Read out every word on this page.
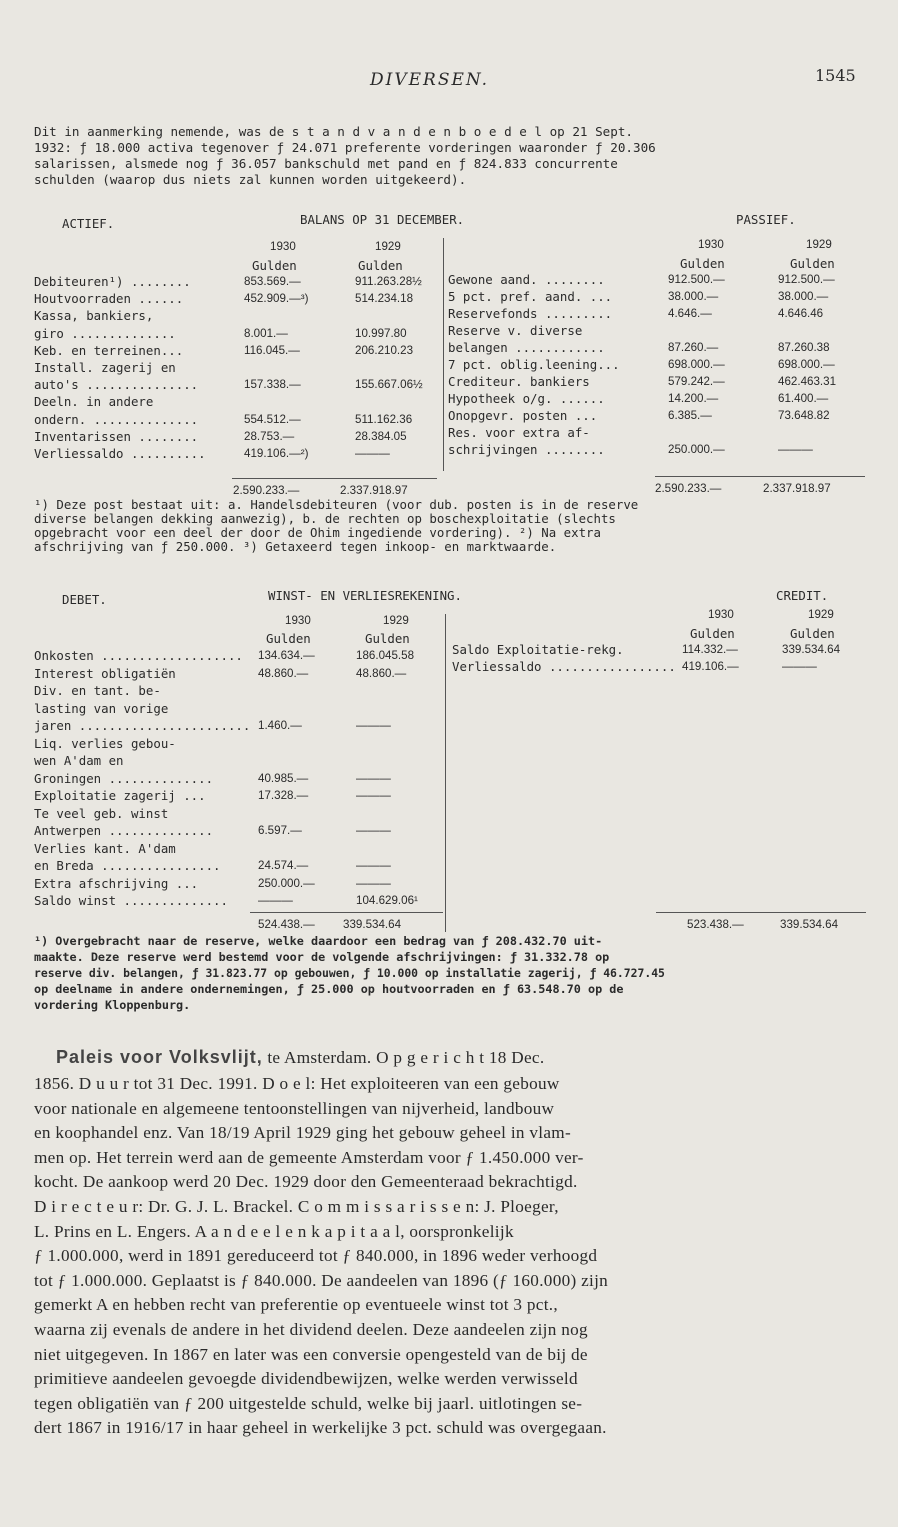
DIVERSEN.	1545
Dit in aanmerking nemende, was de s t a n d v a n d e n b o e d e l op 21 Sept.
1932: ƒ 18.000 activa tegenover ƒ 24.071 preferente vorderingen waaronder ƒ 20.306
salarissen, alsmede nog ƒ 36.057 bankschuld met pand en ƒ 824.833 concurrente
schulden (waarop dus niets zal kunnen worden uitgekeerd).
ACTIEF.	BALANS OP 31 DECEMBER.	PASSIEF.
1930	1929
Gulden	Gulden
1930	1929
Gulden	Gulden
Debiteuren¹) ........	853.569.—	911.263.28½
Houtvoorraden ......	452.909.—³)	514.234.18
Kassa, bankiers,
giro ..............	8.001.—	10.997.80
Keb. en terreinen...	116.045.—	206.210.23
Install. zagerij en
auto's ...............	157.338.—	155.667.06½
Deeln. in andere
ondern. ..............	554.512.—	511.162.36
Inventarissen ........	28.753.—	28.384.05
Verliessaldo ..........	419.106.—²)	———
Gewone aand. ........	912.500.—	912.500.—
5 pct. pref. aand. ...	38.000.—	38.000.—
Reservefonds .........	4.646.—	4.646.46
Reserve v. diverse
belangen ............	87.260.—	87.260.38
7 pct. oblig.leening...	698.000.—	698.000.—
Crediteur. bankiers	579.242.—	462.463.31
Hypotheek o/g. ......	14.200.—	61.400.—
Onopgevr. posten ...	6.385.—	73.648.82
Res. voor extra af-
schrijvingen ........	250.000.—	———
2.590.233.—	2.337.918.97	2.590.233.—	2.337.918.97
¹) Deze post bestaat uit: a. Handelsdebiteuren (voor dub. posten is in de reserve
diverse belangen dekking aanwezig), b. de rechten op boschexploitatie (slechts
opgebracht voor een deel der door de Ohim ingediende vordering). ²) Na extra
afschrijving van ƒ 250.000. ³) Getaxeerd tegen inkoop- en marktwaarde.
DEBET.	WINST- EN VERLIESREKENING.	CREDIT.
1930	1929
Gulden	Gulden
1930	1929
Gulden	Gulden
Onkosten ................... 134.634.—	186.045.58
Interest obligatiën	48.860.—	48.860.—
Div. en tant. be-
lasting van vorige
jaren ....................... 1.460.—	———
Liq. verlies gebou-
wen A'dam en
Groningen ..............	40.985.—	———
Exploitatie zagerij ...	17.328.—	———
Te veel geb. winst
Antwerpen ..............	6.597.—	———
Verlies kant. A'dam
en Breda ................	24.574.—	———
Extra afschrijving ...	250.000.—	———
Saldo winst ..............	———	104.629.06¹
Saldo Exploitatie-rekg.	114.332.—	339.534.64
Verliessaldo ................. 419.106.—	———
524.438.— 339.534.64	523.438.—	339.534.64
¹) Overgebracht naar de reserve, welke daardoor een bedrag van ƒ 208.432.70 uit-
maakte. Deze reserve werd bestemd voor de volgende afschrijvingen: ƒ 31.332.78 op
reserve div. belangen, ƒ 31.823.77 op gebouwen, ƒ 10.000 op installatie zagerij, ƒ 46.727.45
op deelname in andere ondernemingen, ƒ 25.000 op houtvoorraden en ƒ 63.548.70 op de
vordering Kloppenburg.
Paleis voor Volksvlijt, te Amsterdam. O p g e r i c h t 18 Dec.
1856. D u u r tot 31 Dec. 1991. D o e l: Het exploiteeren van een gebouw
voor nationale en algemeene tentoonstellingen van nijverheid, landbouw
en koophandel enz. Van 18/19 April 1929 ging het gebouw geheel in vlam-
men op. Het terrein werd aan de gemeente Amsterdam voor ƒ 1.450.000 ver-
kocht. De aankoop werd 20 Dec. 1929 door den Gemeenteraad bekrachtigd.
D i r e c t e u r: Dr. G. J. L. Brackel. C o m m i s s a r i s s e n: J. Ploeger,
L. Prins en L. Engers. A a n d e e l e n k a p i t a a l, oorspronkelijk
ƒ 1.000.000, werd in 1891 gereduceerd tot ƒ 840.000, in 1896 weder verhoogd
tot ƒ 1.000.000. Geplaatst is ƒ 840.000. De aandeelen van 1896 (ƒ 160.000) zijn
gemerkt A en hebben recht van preferentie op eventueele winst tot 3 pct.,
waarna zij evenals de andere in het dividend deelen. Deze aandeelen zijn nog
niet uitgegeven. In 1867 en later was een conversie opengesteld van de bij de
primitieve aandeelen gevoegde dividendbewijzen, welke werden verwisseld
tegen obligatiën van ƒ 200 uitgestelde schuld, welke bij jaarl. uitlotingen se-
dert 1867 in 1916/17 in haar geheel in werkelijke 3 pct. schuld was overgegaan.
